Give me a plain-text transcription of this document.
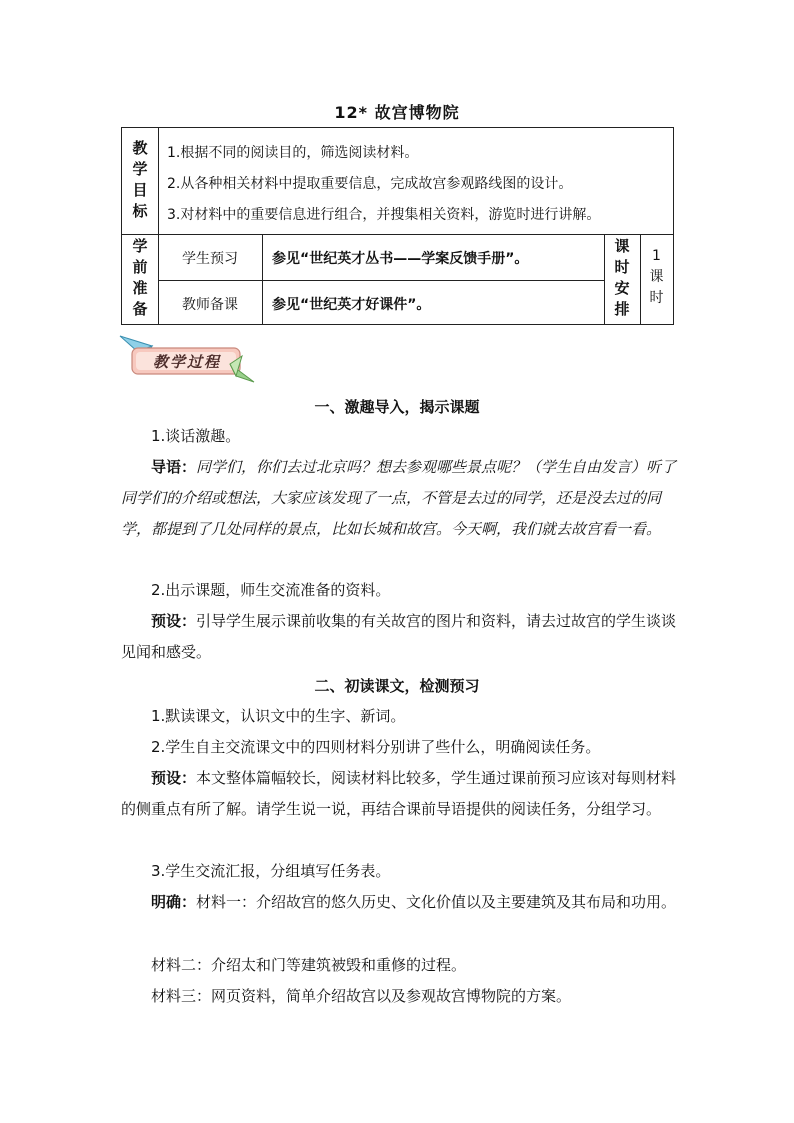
12* 故宫博物院
教
学
目
标
1.根据不同的阅读目的，筛选阅读材料。
2.从各种相关材料中提取重要信息，完成故宫参观路线图的设计。
3.对材料中的重要信息进行组合，并搜集相关资料，游览时进行讲解。
学
前
准
备
学生预习	参见“世纪英才丛书——学案反馈手册”。
教师备课	参见“世纪英才好课件”。
课
时
安
排
1
课
时
教学过程
一、激趣导入，揭示课题
1.谈话激趣。
导语：同学们，你们去过北京吗？想去参观哪些景点呢？（学生自由发言）听了同学们的介绍或想法，大家应该发现了一点，不管是去过的同学，还是没去过的同学，都提到了几处同样的景点，比如长城和故宫。今天啊，我们就去故宫看一看。
2.出示课题，师生交流准备的资料。
预设：引导学生展示课前收集的有关故宫的图片和资料，请去过故宫的学生谈谈见闻和感受。
二、初读课文，检测预习
1.默读课文，认识文中的生字、新词。
2.学生自主交流课文中的四则材料分别讲了些什么，明确阅读任务。
预设：本文整体篇幅较长，阅读材料比较多，学生通过课前预习应该对每则材料的侧重点有所了解。请学生说一说，再结合课前导语提供的阅读任务，分组学习。
3.学生交流汇报，分组填写任务表。
明确：材料一：介绍故宫的悠久历史、文化价值以及主要建筑及其布局和功用。
材料二：介绍太和门等建筑被毁和重修的过程。
材料三：网页资料，简单介绍故宫以及参观故宫博物院的方案。
